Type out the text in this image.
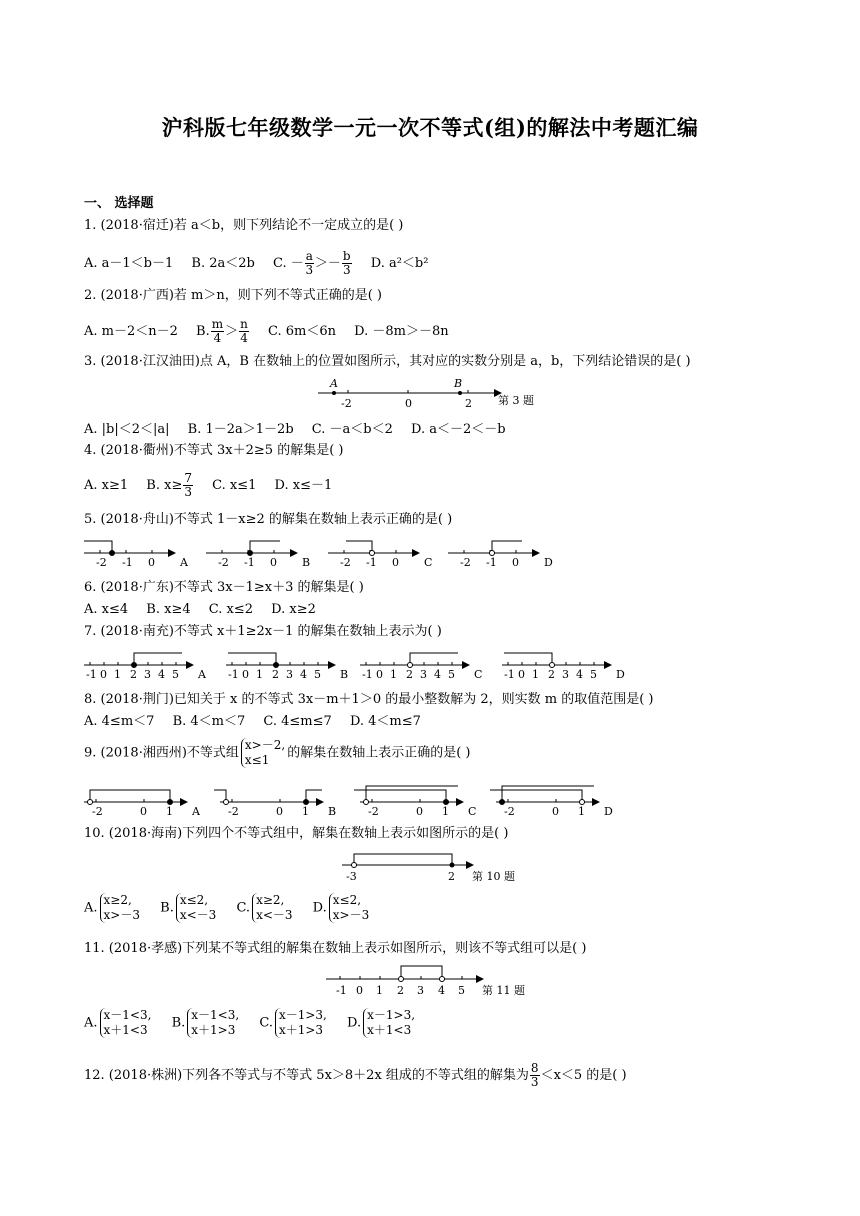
沪科版七年级数学一元一次不等式(组)的解法中考题汇编
一、 选择题
1. (2018·宿迁)若 a＜b，则下列结论不一定成立的是( )
A. a－1＜b－1 B. 2a＜2b C. － $\frac{a}{3} >- \frac{b}{3} D$. a²＜b²
2. (2018·广西)若 m＞n，则下列不等式正确的是( )
A. m－2＜n－2 B. $\frac{m}{4} > \frac{n}{4} C$. 6m＜6n D. －8m＞－8n
3. (2018·江汉油田)点 A，B 在数轴上的位置如图所示，其对应的实数分别是 a，b，下列结论错误的是( )
A	B
-2	0	2 第 3 题
A. |b|＜2＜|a| B. 1－2a＞1－2b C. －a＜b＜2 D. a＜－2＜－b
4. (2018·衢州)不等式 3x＋2≥5 的解集是( )
A. x≥1 B. $x\ge \frac{7}{3} C$. x≤1 D. x≤－1
5. (2018·舟山)不等式 1－x≥2 的解集在数轴上表示正确的是( )
-2 -1 0 A	-2 -1 0 B	-2 -1 0 C	-2 -1 0 D
6. (2018·广东)不等式 3x－1≥x＋3 的解集是( )
A. x≤4 B. x≥4 C. x≤2 D. x≥2
7. (2018·南充)不等式 x＋1≥2x－1 的解集在数轴上表示为( )
-1 0 1 2 3 4 5 A -1 0 1 2 3 4 5 B -1 0 1 2 3 4 5 C -1 0 1 2 3 4 5 D
8. (2018·荆门)已知关于 x 的不等式 3x－m＋1＞0 的最小整数解为 2，则实数 m 的取值范围是( )
A. 4≤m＜7 B. 4＜m＜7 C. 4≤m≤7 D. 4＜m≤7
9. (2018·湘西州)不等式组
x>－2,
x≤1	的解集在数轴上表示正确的是( )
-2	0 1 A	-2	0 1 B	-2	0 1 C	-2	0 1 D
10. (2018·海南)下列四个不等式组中，解集在数轴上表示如图所示的是( )
-3	2 第 10 题
A.
x≥2,
x>－3 B.
x≤2,
x<－3 C.
x≥2,
x<－3 D.
x≤2,
x>－3
11. (2018·孝感)下列某不等式组的解集在数轴上表示如图所示，则该不等式组可以是( )
-1 0 1 2 3 4 5 第 11 题
A.
x－1<3,
x＋1<3 B.
x－1<3,
x＋1>3 C.
x－1>3,
x＋1>3 D.
x－1>3,
x＋1<3
12. (2018·株洲)下列各不等式与不等式 5x＞8＋2x 组成的不等式组的解集为 $\frac{8}{3} <x<5$ 的是( )
